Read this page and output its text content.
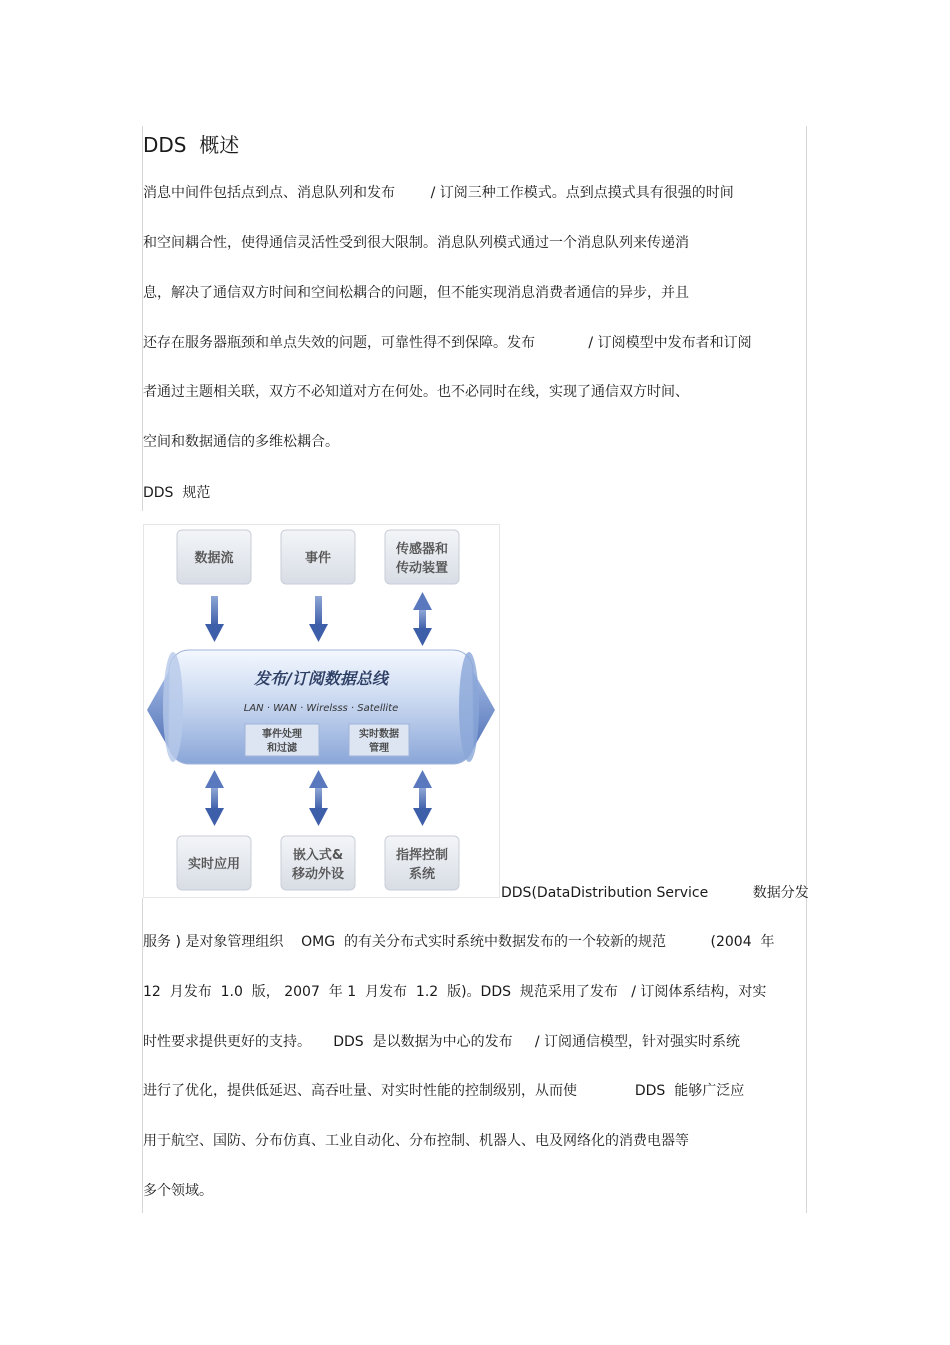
DDS  概述
消息中间件包括点到点、消息队列和发布        / 订阅三种工作模式。点到点摸式具有很强的时间
和空间耦合性，使得通信灵活性受到很大限制。消息队列模式通过一个消息队列来传递消
息，解决了通信双方时间和空间松耦合的问题，但不能实现消息消费者通信的异步，并且
还存在服务器瓶颈和单点失效的问题，可靠性得不到保障。发布            / 订阅模型中发布者和订阅
者通过主题相关联，双方不必知道对方在何处。也不必同时在线，实现了通信双方时间、
空间和数据通信的多维松耦合。
DDS  规范
数据流	事件
传感器和
传动装置
发布/订阅数据总线
LAN · WAN · Wirelsss · Satellite
事件处理
和过滤
实时数据
管理
实时应用
嵌入式&
移动外设
指挥控制
系统
DDS(DataDistribution Service          数据分发
服务 ) 是对象管理组织    OMG  的有关分布式实时系统中数据发布的一个较新的规范          (2004  年
12  月发布  1.0  版， 2007  年 1  月发布  1.2  版)。DDS  规范采用了发布   / 订阅体系结构，对实
时性要求提供更好的支持。     DDS  是以数据为中心的发布     / 订阅通信模型，针对强实时系统
进行了优化，提供低延迟、高吞吐量、对实时性能的控制级别，从而使             DDS  能够广泛应
用于航空、国防、分布仿真、工业自动化、分布控制、机器人、电及网络化的消费电器等
多个领域。
